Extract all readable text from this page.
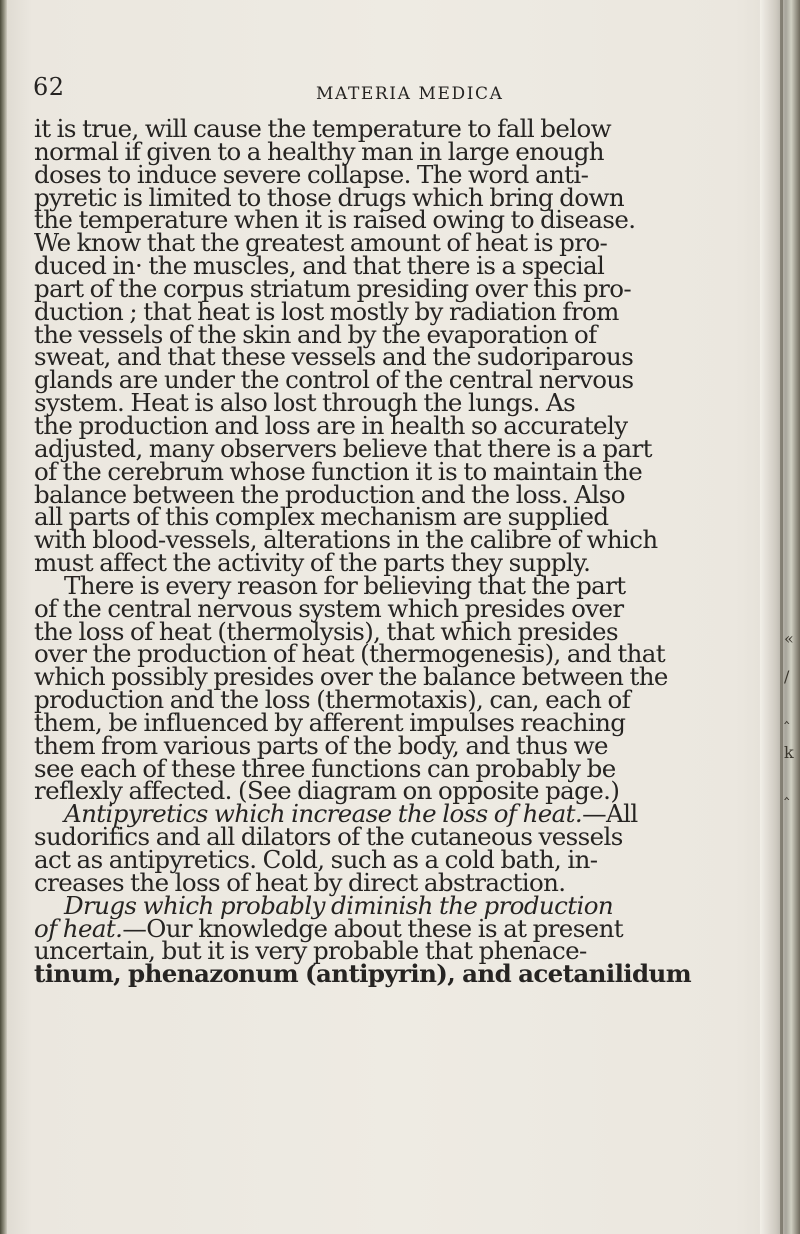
«
/
‸
k
‸
62	MATERIA MEDICA
it is true, will cause the temperature to fall below
normal if given to a healthy man in large enough
doses to induce severe collapse. The word anti-
pyretic is limited to those drugs which bring down
the temperature when it is raised owing to disease.
We know that the greatest amount of heat is pro-
duced in· the muscles, and that there is a special
part of the corpus striatum presiding over this pro-
duction ; that heat is lost mostly by radiation from
the vessels of the skin and by the evaporation of
sweat, and that these vessels and the sudoriparous
glands are under the control of the central nervous
system. Heat is also lost through the lungs. As
the production and loss are in health so accurately
adjusted, many observers believe that there is a part
of the cerebrum whose function it is to maintain the
balance between the production and the loss. Also
all parts of this complex mechanism are supplied
with blood-vessels, alterations in the calibre of which
must affect the activity of the parts they supply.
There is every reason for believing that the part
of the central nervous system which presides over
the loss of heat (thermolysis), that which presides
over the production of heat (thermogenesis), and that
which possibly presides over the balance between the
production and the loss (thermotaxis), can, each of
them, be influenced by afferent impulses reaching
them from various parts of the body, and thus we
see each of these three functions can probably be
reflexly affected. (See diagram on opposite page.)
Antipyretics which increase the loss of heat.—All
sudorifics and all dilators of the cutaneous vessels
act as antipyretics. Cold, such as a cold bath, in-
creases the loss of heat by direct abstraction.
Drugs which probably diminish the production
of heat.—Our knowledge about these is at present
uncertain, but it is very probable that phenace-
tinum, phenazonum (antipyrin), and acetanilidum
